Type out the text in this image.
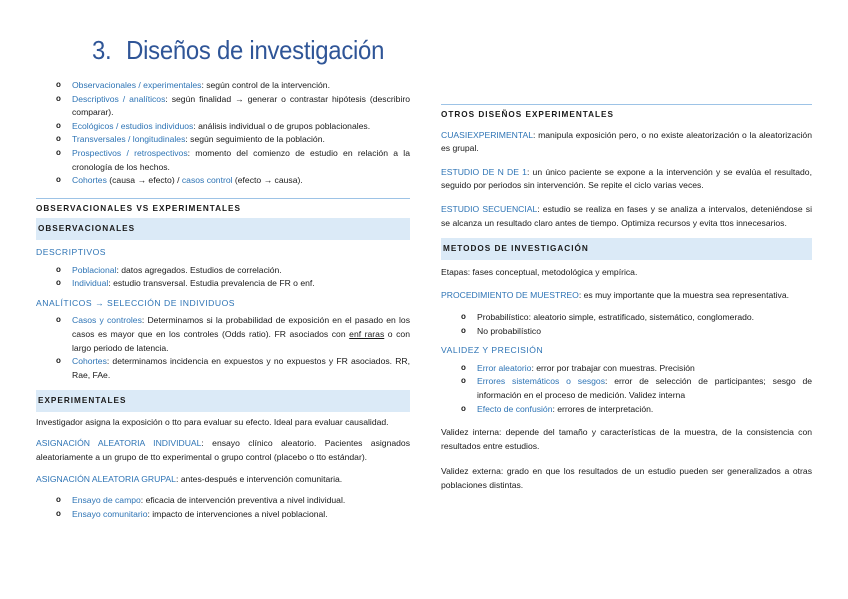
3. Diseños de investigación
o Observacionales / experimentales: según control de la intervención.
o Descriptivos / analíticos: según finalidad → generar o contrastar hipótesis (describiro comparar).
o Ecológicos / estudios individuos: análisis individual o de grupos poblacionales.
o Transversales / longitudinales: según seguimiento de la población.
o Prospectivos / retrospectivos: momento del comienzo de estudio en relación a la cronología de los hechos.
o Cohortes (causa → efecto) / casos control (efecto → causa).
OBSERVACIONALES VS EXPERIMENTALES
OBSERVACIONALES
DESCRIPTIVOS
o Poblacional: datos agregados. Estudios de correlación.
o Individual: estudio transversal. Estudia prevalencia de FR o enf.
ANALÍTICOS → SELECCIÓN DE INDIVIDUOS
o Casos y controles: Determinamos si la probabilidad de exposición en el pasado en los casos es mayor que en los controles (Odds ratio). FR asociados con enf raras o con largo periodo de latencia.
o Cohortes: determinamos incidencia en expuestos y no expuestos y FR asociados. RR, Rae, FAe.
EXPERIMENTALES

Investigador asigna la exposición o tto para evaluar su efecto. Ideal para evaluar causalidad.

ASIGNACIÓN ALEATORIA INDIVIDUAL: ensayo clínico aleatorio. Pacientes asignados aleatoriamente a un grupo de tto experimental o grupo control (placebo o tto estándar).

ASIGNACIÓN ALEATORIA GRUPAL: antes-después e intervención comunitaria.

o Ensayo de campo: eficacia de intervención preventiva a nivel individual.
o Ensayo comunitario: impacto de intervenciones a nivel poblacional.
OTROS DISEÑOS EXPERIMENTALES

CUASIEXPERIMENTAL: manipula exposición pero, o no existe aleatorización o la aleatorización es grupal.

ESTUDIO DE N DE 1: un único paciente se expone a la intervención y se evalúa el resultado, seguido por periodos sin intervención. Se repite el ciclo varias veces.

ESTUDIO SECUENCIAL: estudio se realiza en fases y se analiza a intervalos, deteniéndose si se alcanza un resultado claro antes de tiempo. Optimiza recursos y evita ttos innecesarios.

METODOS DE INVESTIGACIÓN

Etapas: fases conceptual, metodológica y empírica.

PROCEDIMIENTO DE MUESTREO: es muy importante que la muestra sea representativa.

o Probabilístico: aleatorio simple, estratificado, sistemático, conglomerado.
o No probabilístico
VALIDEZ Y PRECISIÓN
o Error aleatorio: error por trabajar con muestras. Precisión
o Errores sistemáticos o sesgos: error de selección de participantes; sesgo de información en el proceso de medición. Validez interna
o Efecto de confusión: errores de interpretación.

Validez interna: depende del tamaño y características de la muestra, de la consistencia con resultados entre estudios.

Validez externa: grado en que los resultados de un estudio pueden ser generalizados a otras poblaciones distintas.
